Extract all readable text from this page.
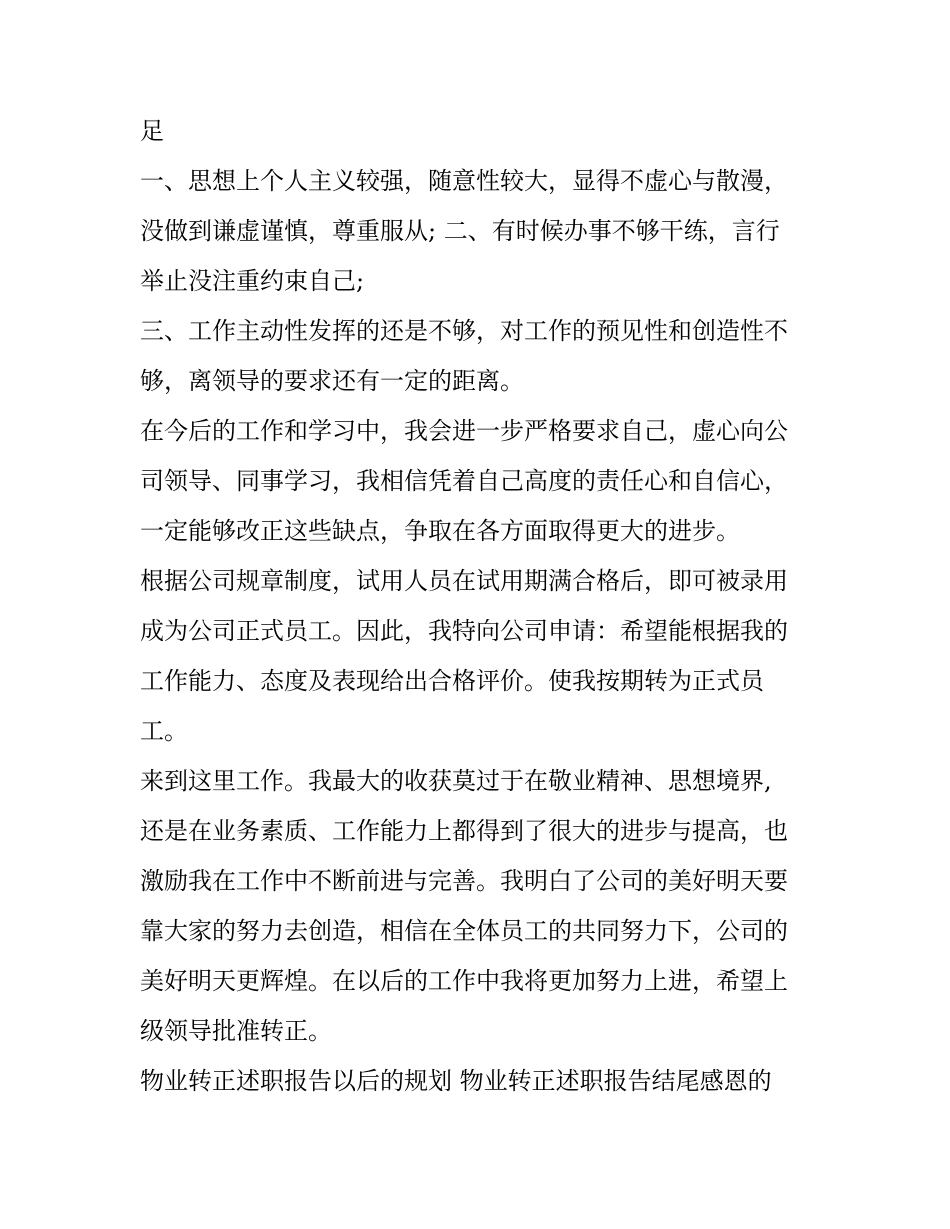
足
一、思想上个人主义较强，随意性较大，显得不虚心与散漫，
没做到谦虚谨慎，尊重服从; 二、有时候办事不够干练，言行
举止没注重约束自己;
三、工作主动性发挥的还是不够，对工作的预见性和创造性不
够，离领导的要求还有一定的距离。
在今后的工作和学习中，我会进一步严格要求自己，虚心向公
司领导、同事学习，我相信凭着自己高度的责任心和自信心，
一定能够改正这些缺点，争取在各方面取得更大的进步。
根据公司规章制度，试用人员在试用期满合格后，即可被录用
成为公司正式员工。因此，我特向公司申请：希望能根据我的
工作能力、态度及表现给出合格评价。使我按期转为正式员
工。
来到这里工作。我最大的收获莫过于在敬业精神、思想境界,
还是在业务素质、工作能力上都得到了很大的进步与提高，也
激励我在工作中不断前进与完善。我明白了公司的美好明天要
靠大家的努力去创造，相信在全体员工的共同努力下，公司的
美好明天更辉煌。在以后的工作中我将更加努力上进，希望上
级领导批准转正。
物业转正述职报告以后的规划 物业转正述职报告结尾感恩的
